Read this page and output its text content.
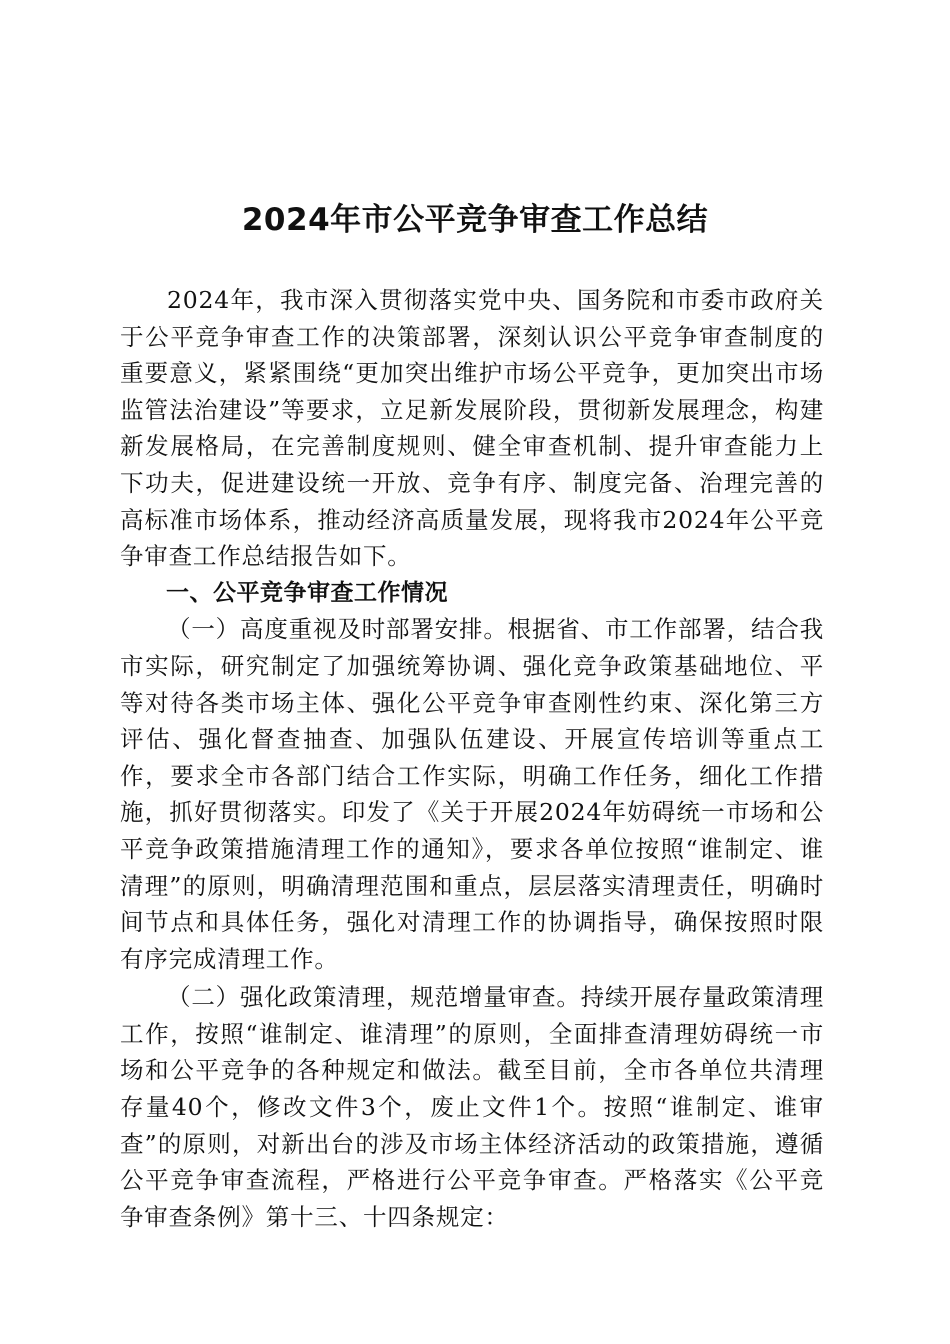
2024年市公平竞争审查工作总结

2024年，我市深入贯彻落实党中央、国务院和市委市政府关于公平竞争审查工作的决策部署，深刻认识公平竞争审查制度的重要意义，紧紧围绕“更加突出维护市场公平竞争，更加突出市场监管法治建设”等要求，立足新发展阶段，贯彻新发展理念，构建新发展格局，在完善制度规则、健全审查机制、提升审查能力上下功夫，促进建设统一开放、竞争有序、制度完备、治理完善的高标准市场体系，推动经济高质量发展，现将我市2024年公平竞争审查工作总结报告如下。

一、公平竞争审查工作情况

（一）高度重视及时部署安排。根据省、市工作部署，结合我市实际，研究制定了加强统筹协调、强化竞争政策基础地位、平等对待各类市场主体、强化公平竞争审查刚性约束、深化第三方评估、强化督查抽查、加强队伍建设、开展宣传培训等重点工作，要求全市各部门结合工作实际，明确工作任务，细化工作措施，抓好贯彻落实。印发了《关于开展2024年妨碍统一市场和公平竞争政策措施清理工作的通知》，要求各单位按照“谁制定、谁清理”的原则，明确清理范围和重点，层层落实清理责任，明确时间节点和具体任务，强化对清理工作的协调指导，确保按照时限有序完成清理工作。

（二）强化政策清理，规范增量审查。持续开展存量政策清理工作，按照“谁制定、谁清理”的原则，全面排查清理妨碍统一市场和公平竞争的各种规定和做法。截至目前，全市各单位共清理存量40个，修改文件3个，废止文件1个。按照“谁制定、谁审查”的原则，对新出台的涉及市场主体经济活动的政策措施，遵循公平竞争审查流程，严格进行公平竞争审查。严格落实《公平竞争审查条例》第十三、十四条规定：
